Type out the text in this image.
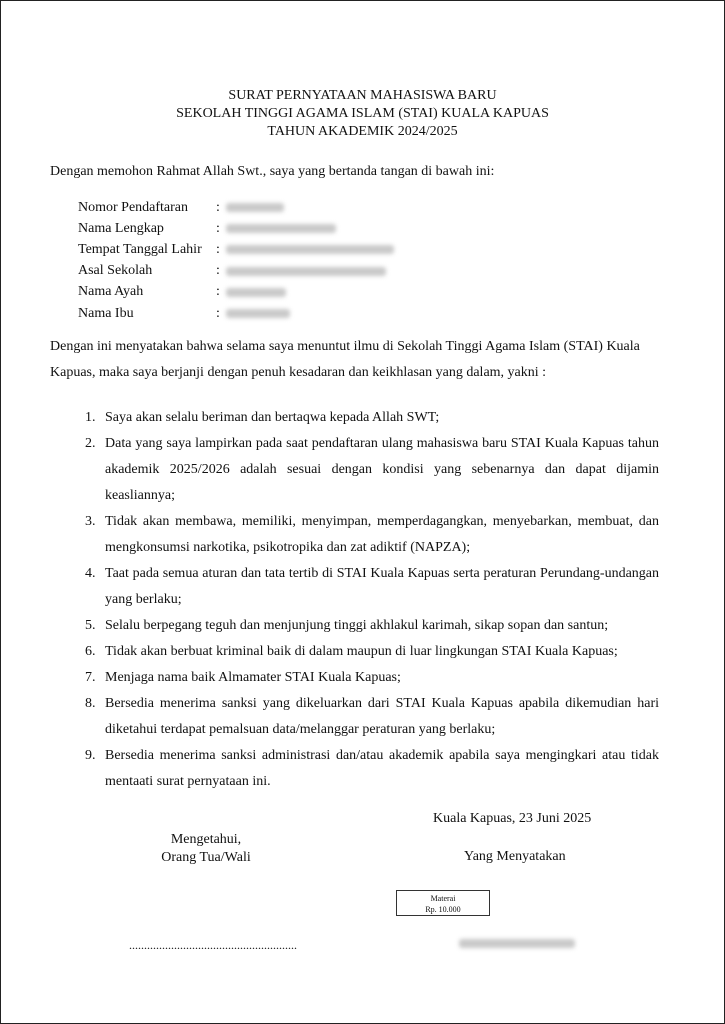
SURAT PERNYATAAN MAHASISWA BARU
SEKOLAH TINGGI AGAMA ISLAM (STAI) KUALA KAPUAS
TAHUN AKADEMIK 2024/2025
Dengan memohon Rahmat Allah Swt., saya yang bertanda tangan di bawah ini:
Nomor Pendaftaran	:
Nama Lengkap	:
Tempat Tanggal Lahir	:
Asal Sekolah	:
Nama Ayah	:
Nama Ibu	:
Dengan ini menyatakan bahwa selama saya menuntut ilmu di Sekolah Tinggi Agama Islam (STAI) Kuala Kapuas, maka saya berjanji dengan penuh kesadaran dan keikhlasan yang dalam, yakni :
1. Saya akan selalu beriman dan bertaqwa kepada Allah SWT;
2. Data yang saya lampirkan pada saat pendaftaran ulang mahasiswa baru STAI Kuala Kapuas tahun akademik 2025/2026 adalah sesuai dengan kondisi yang sebenarnya dan dapat dijamin keasliannya;
3. Tidak akan membawa, memiliki, menyimpan, memperdagangkan, menyebarkan, membuat, dan mengkonsumsi narkotika, psikotropika dan zat adiktif (NAPZA);
4. Taat pada semua aturan dan tata tertib di STAI Kuala Kapuas serta peraturan Perundang-undangan yang berlaku;
5. Selalu berpegang teguh dan menjunjung tinggi akhlakul karimah, sikap sopan dan santun;
6. Tidak akan berbuat kriminal baik di dalam maupun di luar lingkungan STAI Kuala Kapuas;
7. Menjaga nama baik Almamater STAI Kuala Kapuas;
8. Bersedia menerima sanksi yang dikeluarkan dari STAI Kuala Kapuas apabila dikemudian hari diketahui terdapat pemalsuan data/melanggar peraturan yang berlaku;
9. Bersedia menerima sanksi administrasi dan/atau akademik apabila saya mengingkari atau tidak mentaati surat pernyataan ini.
Kuala Kapuas, 23 Juni 2025
Mengetahui,
Orang Tua/Wali	Yang Menyatakan
Materai
Rp. 10.000
........................................................
